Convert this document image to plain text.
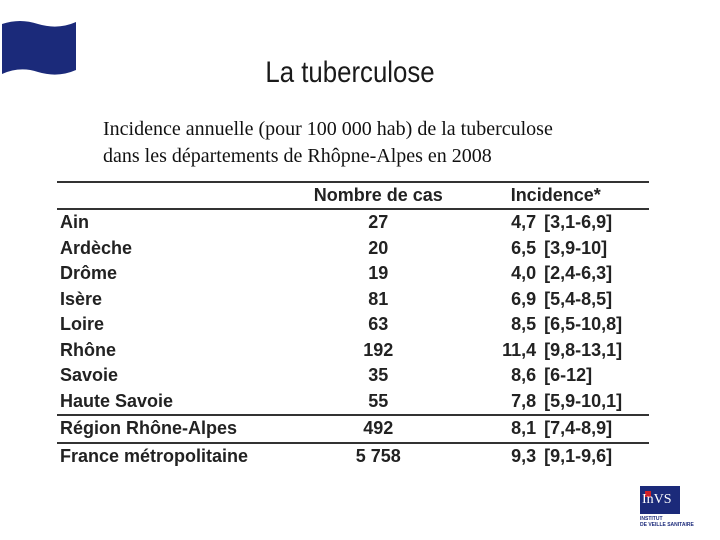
La tuberculose
Incidence annuelle (pour 100 000 hab) de la tuberculose
dans les départements de Rhôpne-Alpes en 2008
	Nombre de cas	Incidence*	
Ain	27	4,7	[3,1-6,9]
Ardèche	20	6,5	[3,9-10]
Drôme	19	4,0	[2,4-6,3]
Isère	81	6,9	[5,4-8,5]
Loire	63	8,5	[6,5-10,8]
Rhône	192	11,4	[9,8-13,1]
Savoie	35	8,6	[6-12]
Haute Savoie	55	7,8	[5,9-10,1]
Région Rhône-Alpes	492	8,1	[7,4-8,9]
France métropolitaine	5 758	9,3	[9,1-9,6]
InVS
INSTITUT
DE VEILLE SANITAIRE
